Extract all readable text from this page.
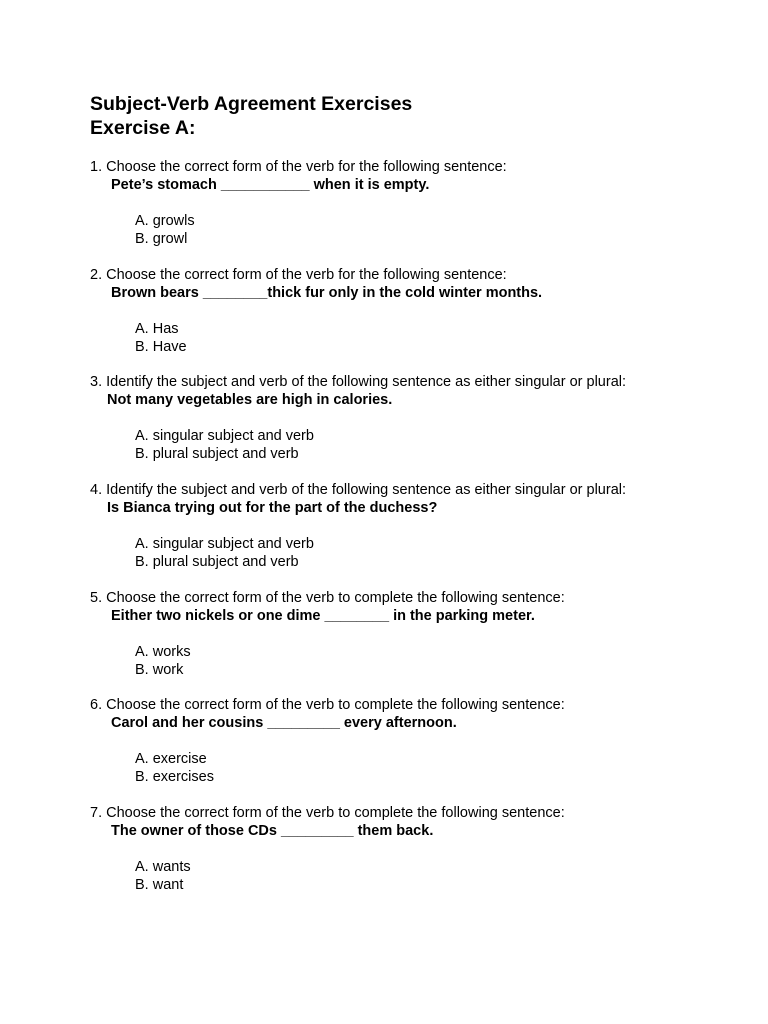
Subject-Verb Agreement Exercises
Exercise A:
1. Choose the correct form of the verb for the following sentence:
Pete’s stomach ___________ when it is empty.
A. growls
B. growl
2. Choose the correct form of the verb for the following sentence:
Brown bears ________thick fur only in the cold winter months.
A. Has
B. Have
3. Identify the subject and verb of the following sentence as either singular or plural:
Not many vegetables are high in calories.
A. singular subject and verb
B. plural subject and verb
4. Identify the subject and verb of the following sentence as either singular or plural:
Is Bianca trying out for the part of the duchess?
A. singular subject and verb
B. plural subject and verb
5. Choose the correct form of the verb to complete the following sentence:
Either two nickels or one dime ________ in the parking meter.
A. works
B. work
6. Choose the correct form of the verb to complete the following sentence:
Carol and her cousins _________ every afternoon.
A. exercise
B. exercises
7. Choose the correct form of the verb to complete the following sentence:
The owner of those CDs _________ them back.
A. wants
B. want
